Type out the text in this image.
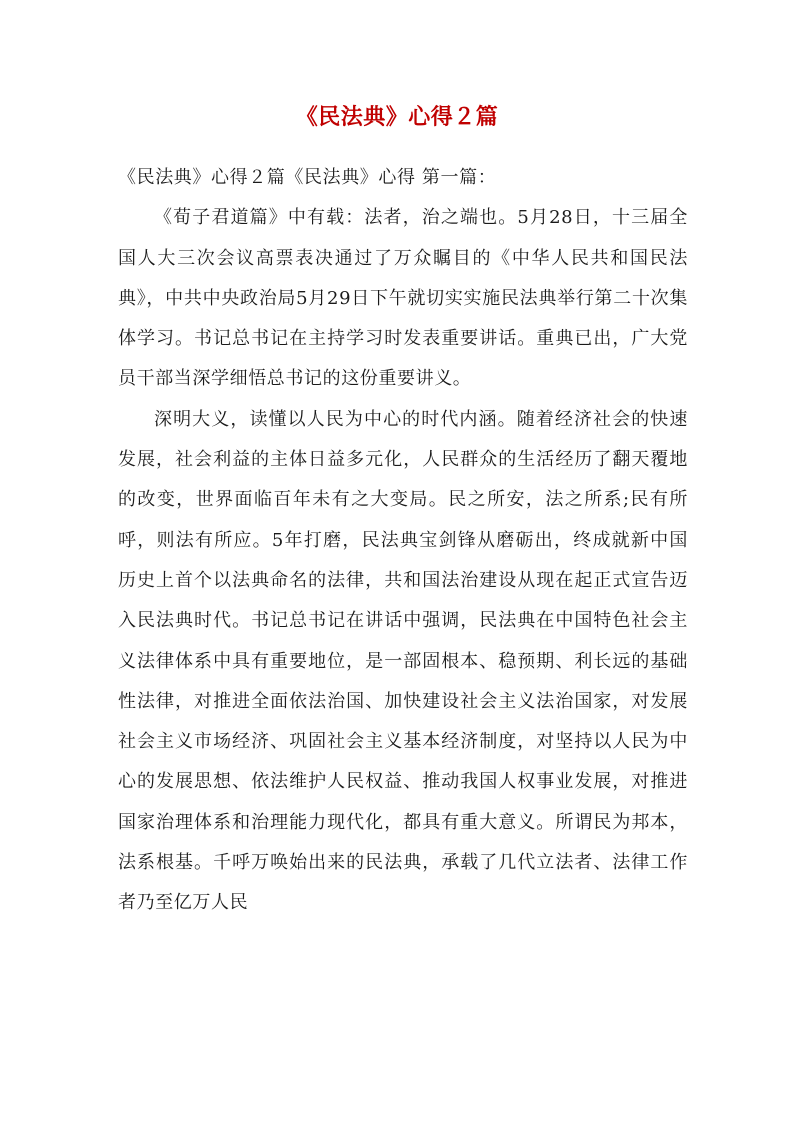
《民法典》心得２篇

《民法典》心得２篇《民法典》心得 第一篇：

《荀子君道篇》中有载：法者，治之端也。5月28日，十三届全国人大三次会议高票表决通过了万众瞩目的《中华人民共和国民法典》，中共中央政治局5月29日下午就切实实施民法典举行第二十次集体学习。书记总书记在主持学习时发表重要讲话。重典已出，广大党员干部当深学细悟总书记的这份重要讲义。

深明大义，读懂以人民为中心的时代内涵。随着经济社会的快速发展，社会利益的主体日益多元化，人民群众的生活经历了翻天覆地的改变，世界面临百年未有之大变局。民之所安，法之所系;民有所呼，则法有所应。5年打磨，民法典宝剑锋从磨砺出，终成就新中国历史上首个以法典命名的法律，共和国法治建设从现在起正式宣告迈入民法典时代。书记总书记在讲话中强调，民法典在中国特色社会主义法律体系中具有重要地位，是一部固根本、稳预期、利长远的基础性法律，对推进全面依法治国、加快建设社会主义法治国家，对发展社会主义市场经济、巩固社会主义基本经济制度，对坚持以人民为中心的发展思想、依法维护人民权益、推动我国人权事业发展，对推进国家治理体系和治理能力现代化，都具有重大意义。所谓民为邦本，法系根基。千呼万唤始出来的民法典，承载了几代立法者、法律工作者乃至亿万人民
